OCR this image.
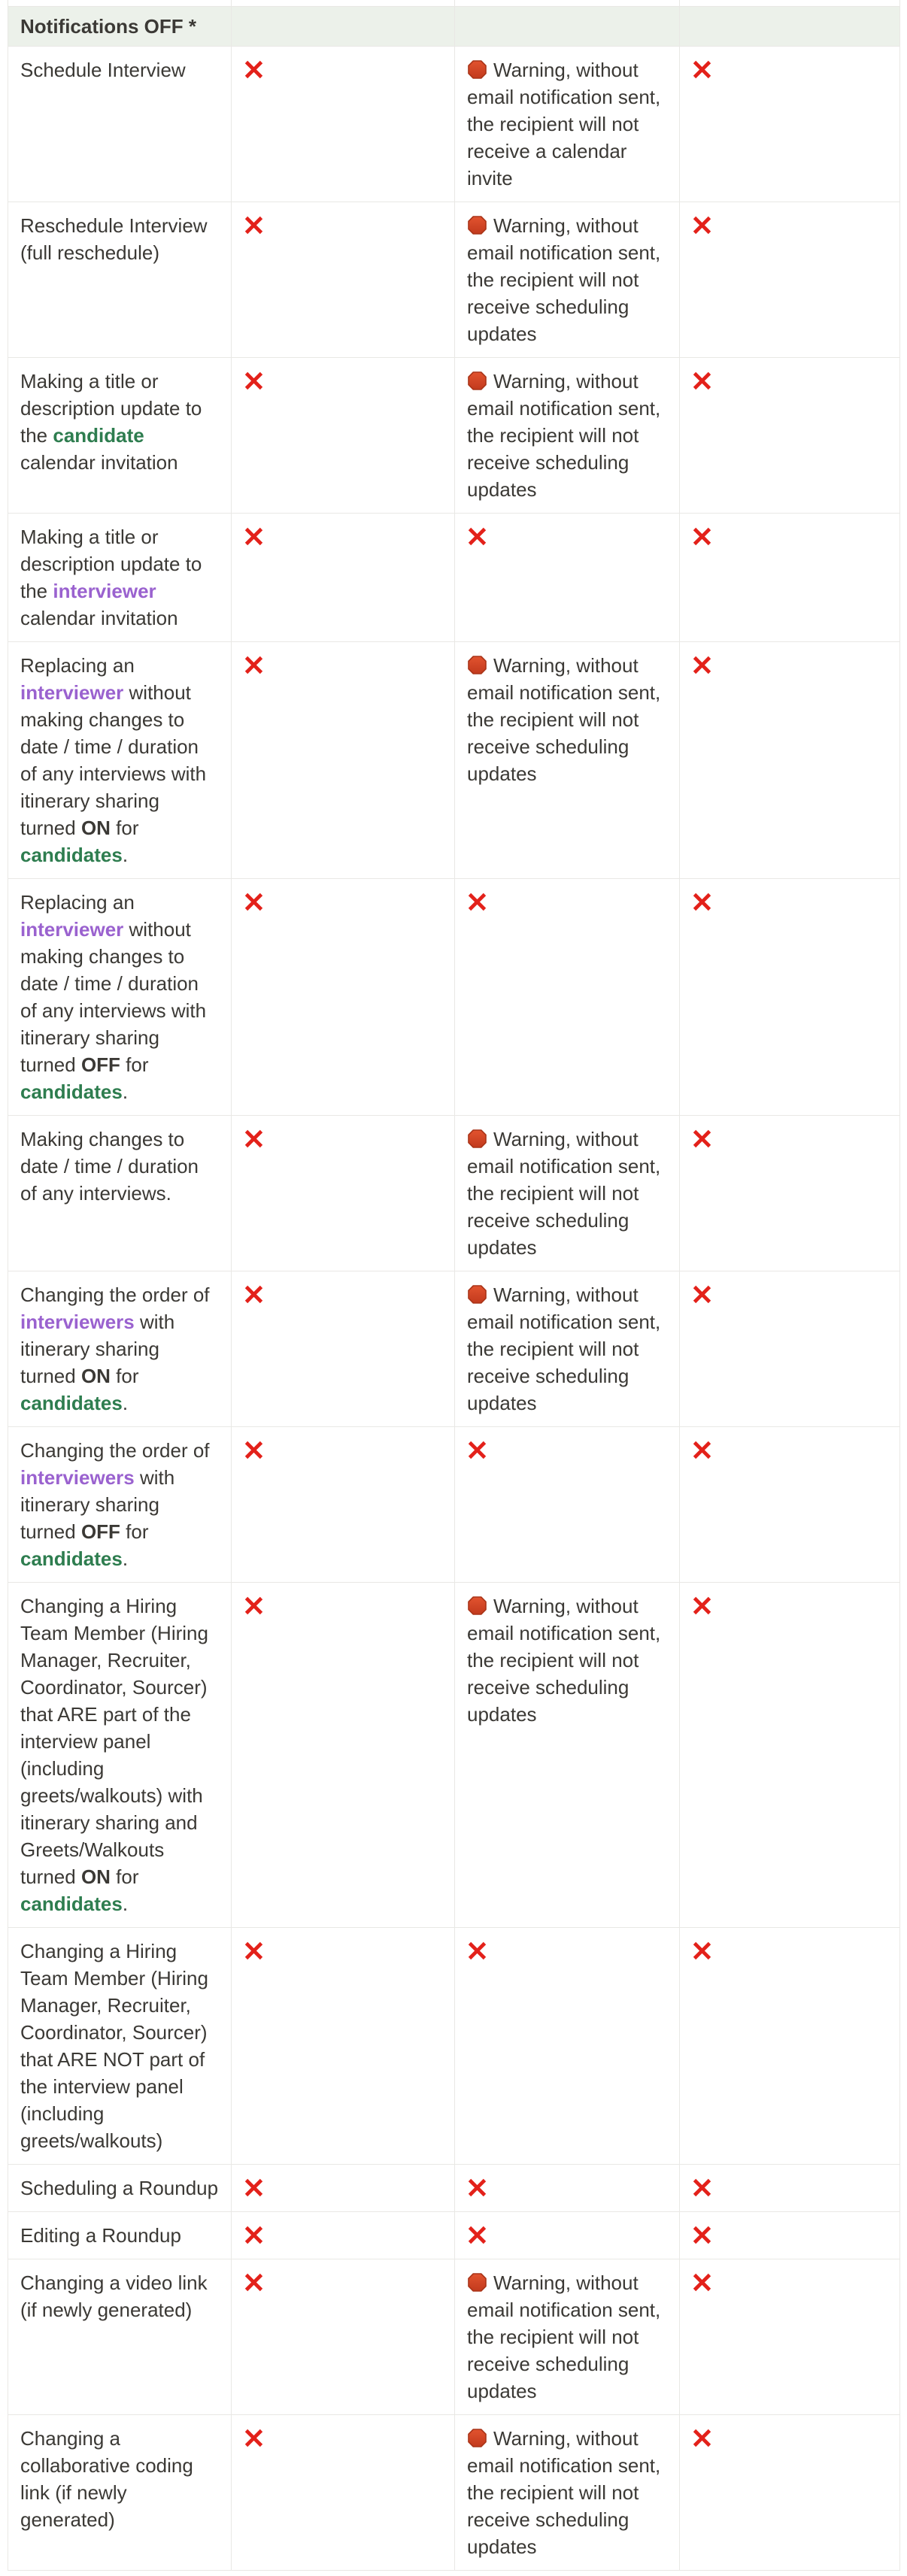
Notifications OFF *			
Schedule Interview		Warning, without email notification sent, the recipient will not receive a calendar invite	

Reschedule Interview (full reschedule)		Warning, without email notification sent, the recipient will not receive scheduling updates	

Making a title or description update to the candidate calendar invitation		Warning, without email notification sent, the recipient will not receive scheduling updates	

Making a title or description update to the interviewer calendar invitation	

Replacing an interviewer without making changes to date / time / duration of any interviews with itinerary sharing turned ON for candidates.		Warning, without email notification sent, the recipient will not receive scheduling updates	

Replacing an interviewer without making changes to date / time / duration of any interviews with itinerary sharing turned OFF for candidates.	

Making changes to date / time / duration of any interviews.		Warning, without email notification sent, the recipient will not receive scheduling updates	

Changing the order of interviewers with itinerary sharing turned ON for candidates.		Warning, without email notification sent, the recipient will not receive scheduling updates	

Changing the order of interviewers with itinerary sharing turned OFF for candidates.	

Changing a Hiring Team Member (Hiring Manager, Recruiter, Coordinator, Sourcer) that ARE part of the interview panel (including greets/walkouts) with itinerary sharing and Greets/Walkouts turned ON for candidates.		Warning, without email notification sent, the recipient will not receive scheduling updates	

Changing a Hiring Team Member (Hiring Manager, Recruiter, Coordinator, Sourcer) that ARE NOT part of the interview panel (including greets/walkouts)	

Scheduling a Roundup	

Editing a Roundup	

Changing a video link (if newly generated)		Warning, without email notification sent, the recipient will not receive scheduling updates	

Changing a collaborative coding link (if newly generated)		Warning, without email notification sent, the recipient will not receive scheduling updates	
